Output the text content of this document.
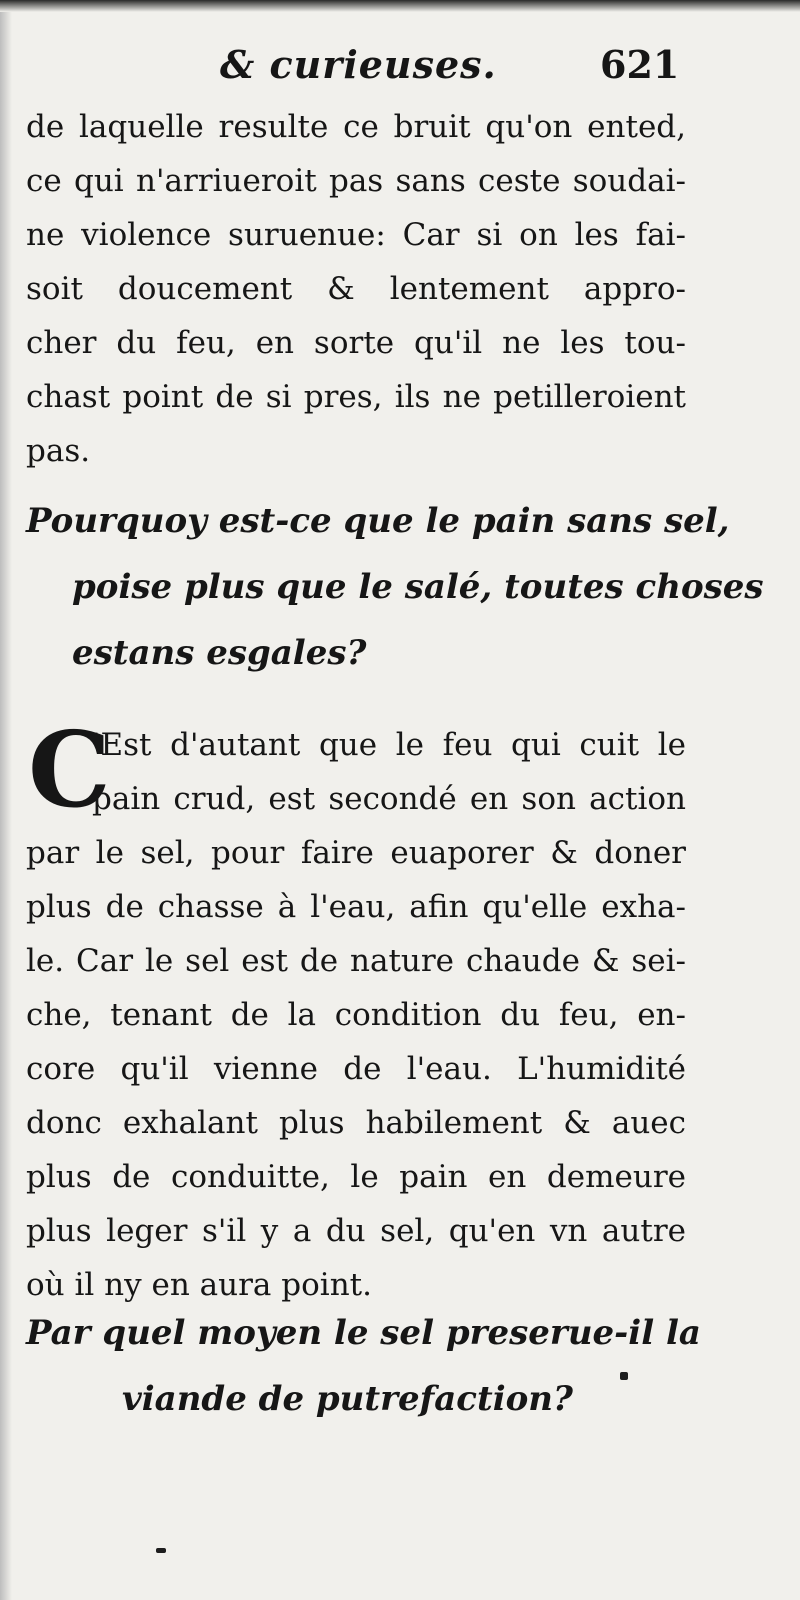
& curieuses.	621
de laquelle resulte ce bruit qu'on ented,
ce qui n'arriueroit pas sans ceste soudai-
ne violence suruenue: Car si on les fai-
soit doucement & lentement appro-
cher du feu, en sorte qu'il ne les tou-
chast point de si pres, ils ne petilleroient
pas.
Pourquoy est-ce que le pain sans sel,
poise plus que le salé, toutes choses
estans esgales?
C
'Est d'autant que le feu qui cuit le
pain crud, est secondé en son action
par le sel, pour faire euaporer & doner
plus de chasse à l'eau, afin qu'elle exha-
le. Car le sel est de nature chaude & sei-
che, tenant de la condition du feu, en-
core qu'il vienne de l'eau. L'humidité
donc exhalant plus habilement & auec
plus de conduitte, le pain en demeure
plus leger s'il y a du sel, qu'en vn autre
où il ny en aura point.
Par quel moyen le sel preserue-il la
viande de putrefaction?
